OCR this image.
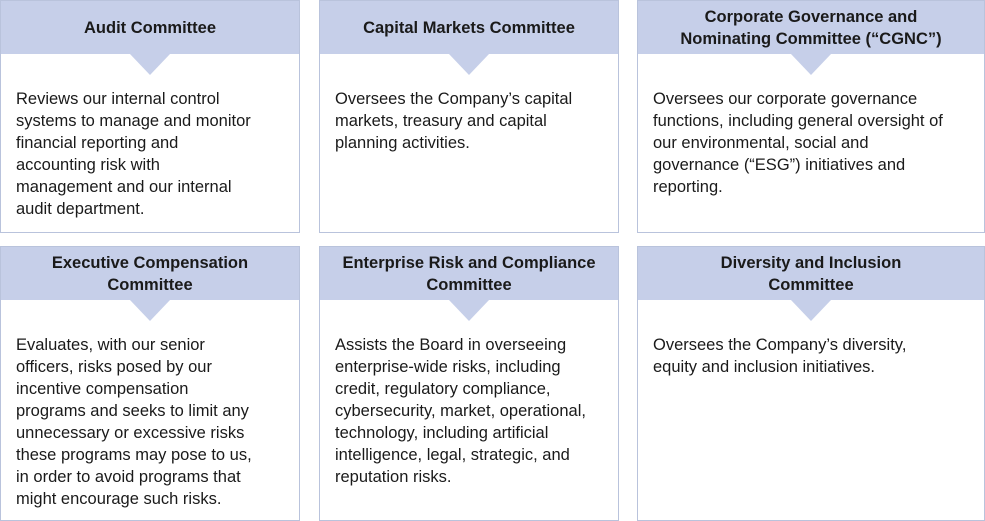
Audit Committee
Reviews our internal control
systems to manage and monitor
financial reporting and
accounting risk with
management and our internal
audit department.
Capital Markets Committee
Oversees the Company’s capital
markets, treasury and capital
planning activities.
Corporate Governance and
Nominating Committee (“CGNC”)
Oversees our corporate governance
functions, including general oversight of
our environmental, social and
governance (“ESG”) initiatives and
reporting.
Executive Compensation
Committee
Evaluates, with our senior
officers, risks posed by our
incentive compensation
programs and seeks to limit any
unnecessary or excessive risks
these programs may pose to us,
in order to avoid programs that
might encourage such risks.
Enterprise Risk and Compliance
Committee
Assists the Board in overseeing
enterprise-wide risks, including
credit, regulatory compliance,
cybersecurity, market, operational,
technology, including artificial
intelligence, legal, strategic, and
reputation risks.
Diversity and Inclusion
Committee
Oversees the Company’s diversity,
equity and inclusion initiatives.
